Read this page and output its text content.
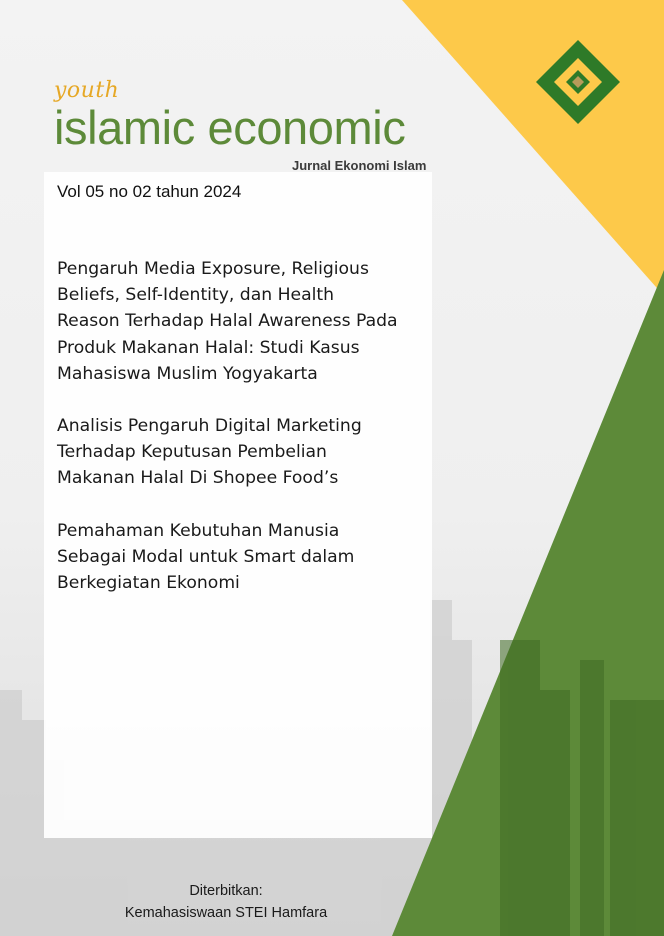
youth
islamic economic
Jurnal Ekonomi Islam
Vol 05 no 02 tahun 2024

Pengaruh Media Exposure, Religious
Beliefs, Self-Identity, dan Health
Reason Terhadap Halal Awareness Pada
Produk Makanan Halal: Studi Kasus
Mahasiswa Muslim Yogyakarta

Analisis Pengaruh Digital Marketing
Terhadap Keputusan Pembelian
Makanan Halal Di Shopee Food’s

Pemahaman Kebutuhan Manusia
Sebagai Modal untuk Smart dalam
Berkegiatan Ekonomi

Diterbitkan:
Kemahasiswaan STEI Hamfara
